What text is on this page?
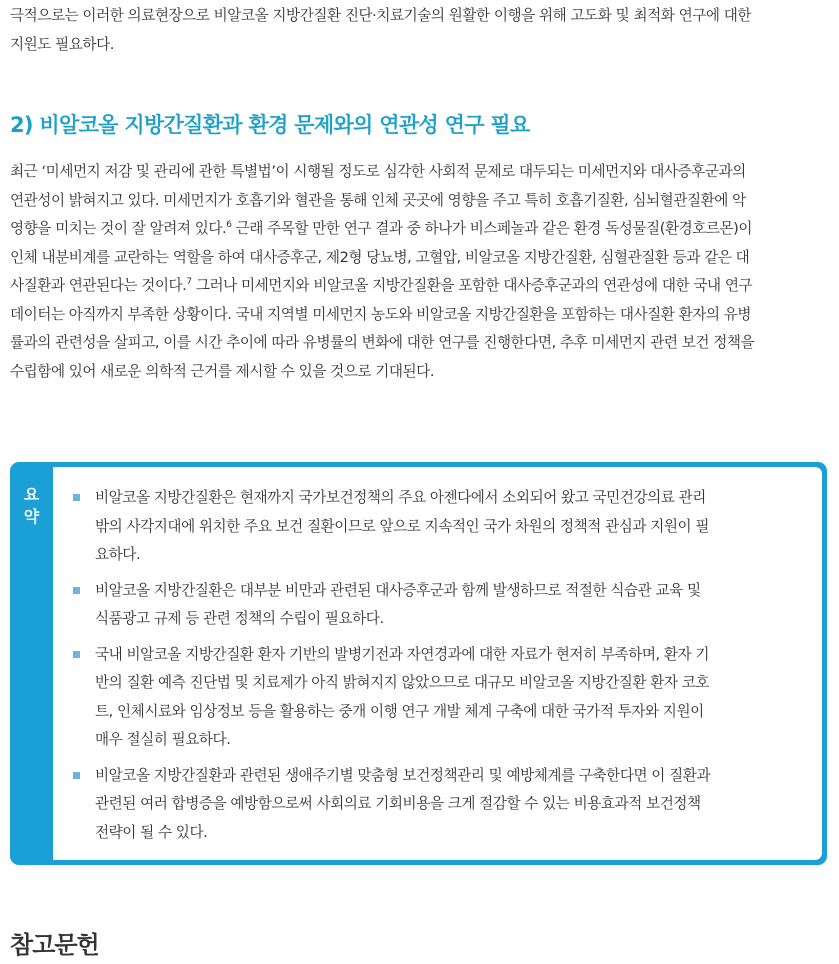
극적으로는 이러한 의료현장으로 비알코올 지방간질환 진단·치료기술의 원활한 이행을 위해 고도화 및 최적화 연구에 대한
지원도 필요하다.
2) 비알코올 지방간질환과 환경 문제와의 연관성 연구 필요
최근 ‘미세먼지 저감 및 관리에 관한 특별법’이 시행될 정도로 심각한 사회적 문제로 대두되는 미세먼지와 대사증후군과의
연관성이 밝혀지고 있다. 미세먼지가 호흡기와 혈관을 통해 인체 곳곳에 영향을 주고 특히 호흡기질환, 심뇌혈관질환에 악
영향을 미치는 것이 잘 알려져 있다.$^6$ 근래 주목할 만한 연구 결과 중 하나가 비스페놀과 같은 환경 독성물질(환경호르몬)이
인체 내분비계를 교란하는 역할을 하여 대사증후군, 제2형 당뇨병, 고혈압, 비알코올 지방간질환, 심혈관질환 등과 같은 대
사질환과 연관된다는 것이다.$^7$ 그러나 미세먼지와 비알코올 지방간질환을 포함한 대사증후군과의 연관성에 대한 국내 연구
데이터는 아직까지 부족한 상황이다. 국내 지역별 미세먼지 농도와 비알코올 지방간질환을 포함하는 대사질환 환자의 유병
률과의 관련성을 살피고, 이를 시간 추이에 따라 유병률의 변화에 대한 연구를 진행한다면, 추후 미세먼지 관련 보건 정책을
수립함에 있어 새로운 의학적 근거를 제시할 수 있을 것으로 기대된다.
요
약
비알코올 지방간질환은 현재까지 국가보건정책의 주요 아젠다에서 소외되어 왔고 국민건강의료 관리
밖의 사각지대에 위치한 주요 보건 질환이므로 앞으로 지속적인 국가 차원의 정책적 관심과 지원이 필
요하다.
비알코올 지방간질환은 대부분 비만과 관련된 대사증후군과 함께 발생하므로 적절한 식습관 교육 및
식품광고 규제 등 관련 정책의 수립이 필요하다.
국내 비알코올 지방간질환 환자 기반의 발병기전과 자연경과에 대한 자료가 현저히 부족하며, 환자 기
반의 질환 예측 진단법 및 치료제가 아직 밝혀지지 않았으므로 대규모 비알코올 지방간질환 환자 코호
트, 인체시료와 임상정보 등을 활용하는 중개 이행 연구 개발 체계 구축에 대한 국가적 투자와 지원이
매우 절실히 필요하다.
비알코올 지방간질환과 관련된 생애주기별 맞춤형 보건정책관리 및 예방체계를 구축한다면 이 질환과
관련된 여러 합병증을 예방함으로써 사회의료 기회비용을 크게 절감할 수 있는 비용효과적 보건정책
전략이 될 수 있다.
참고문헌
